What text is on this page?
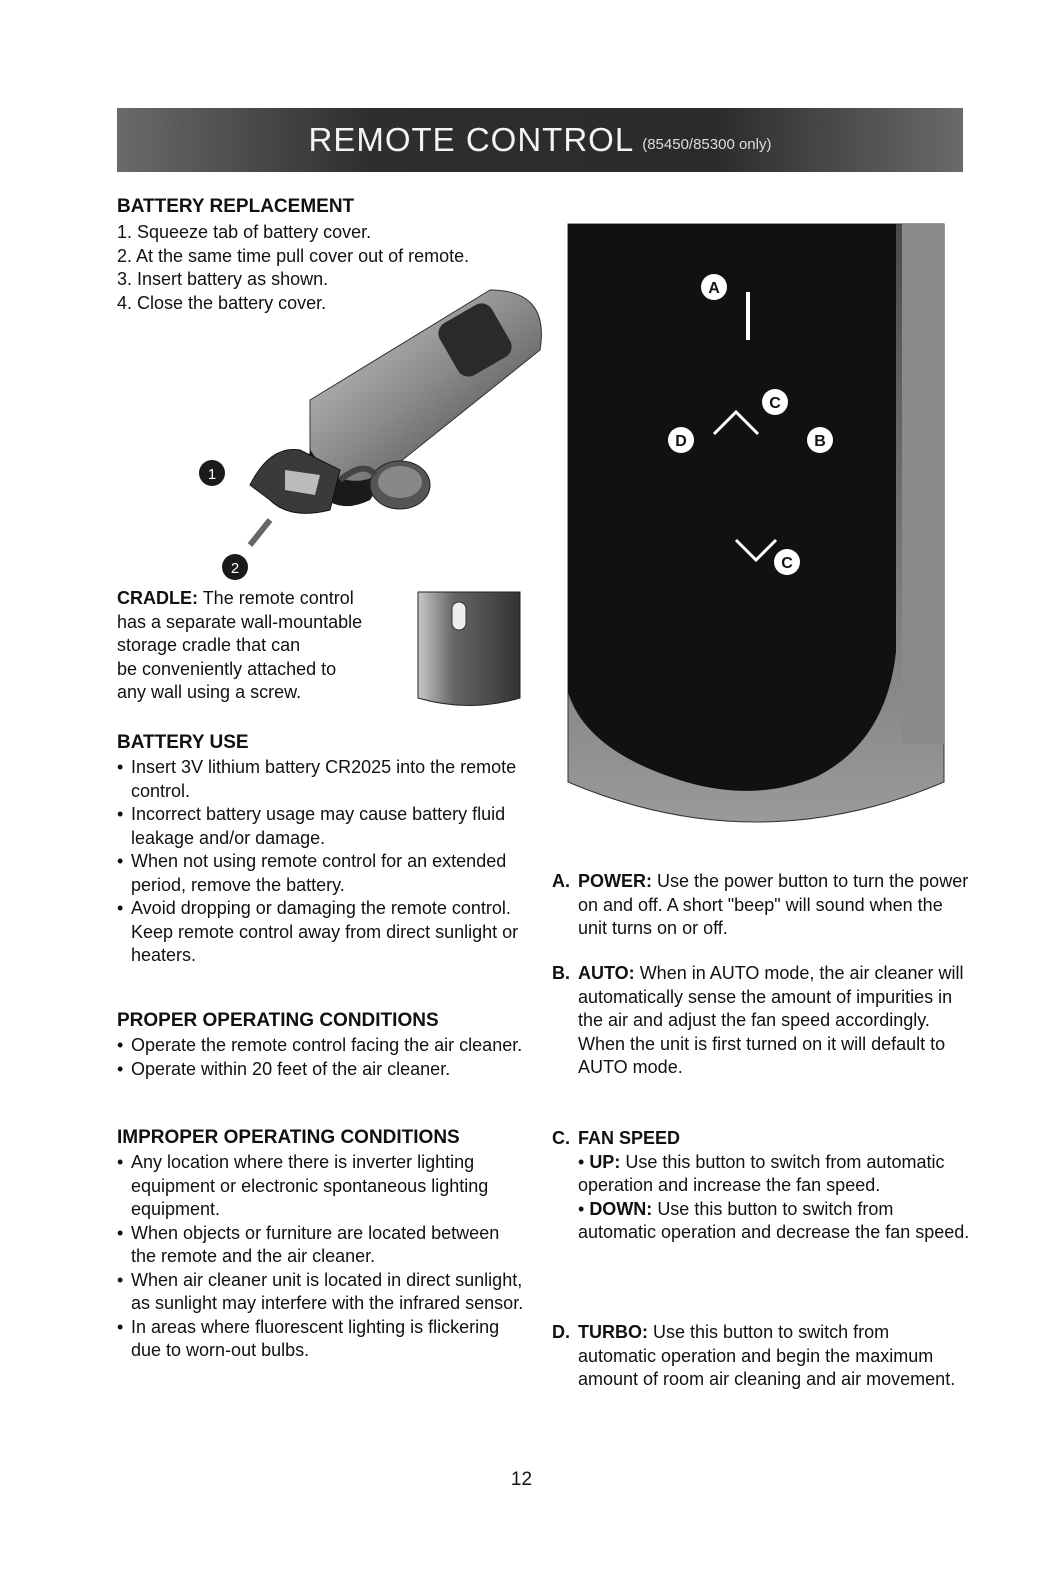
REMOTE CONTROL (85450/85300 only)
BATTERY REPLACEMENT
1. Squeeze tab of battery cover.
2. At the same time pull cover out of remote.
3. Insert battery as shown.
4. Close the battery cover.
1
2
CRADLE: The remote control
has a separate wall-mountable
storage cradle that can
be conveniently attached to
any wall using a screw.
BATTERY USE
• Insert 3V lithium battery CR2025 into the remote control.
• Incorrect battery usage may cause battery fluid leakage and/or damage.
• When not using remote control for an extended period, remove the battery.
• Avoid dropping or damaging the remote control. Keep remote control away from direct sunlight or heaters.
PROPER OPERATING CONDITIONS
• Operate the remote control facing the air cleaner.
• Operate within 20 feet of the air cleaner.
IMPROPER OPERATING CONDITIONS
• Any location where there is inverter lighting equipment or electronic spontaneous lighting equipment.
• When objects or furniture are located between the remote and the air cleaner.
• When air cleaner unit is located in direct sunlight, as sunlight may interfere with the infrared sensor.
• In areas where fluorescent lighting is flickering due to worn-out bulbs.
A
C
D	B
C
A. POWER: Use the power button to turn the power on and off. A short "beep" will sound when the unit turns on or off.
B. AUTO: When in AUTO mode, the air cleaner will automatically sense the amount of impurities in the air and adjust the fan speed accordingly. When the unit is first turned on it will default to AUTO mode.
C. FAN SPEED
• UP: Use this button to switch from automatic operation and increase the fan speed.
• DOWN: Use this button to switch from automatic operation and decrease the fan speed.
D. TURBO: Use this button to switch from automatic operation and begin the maximum amount of room air cleaning and air movement.
12
